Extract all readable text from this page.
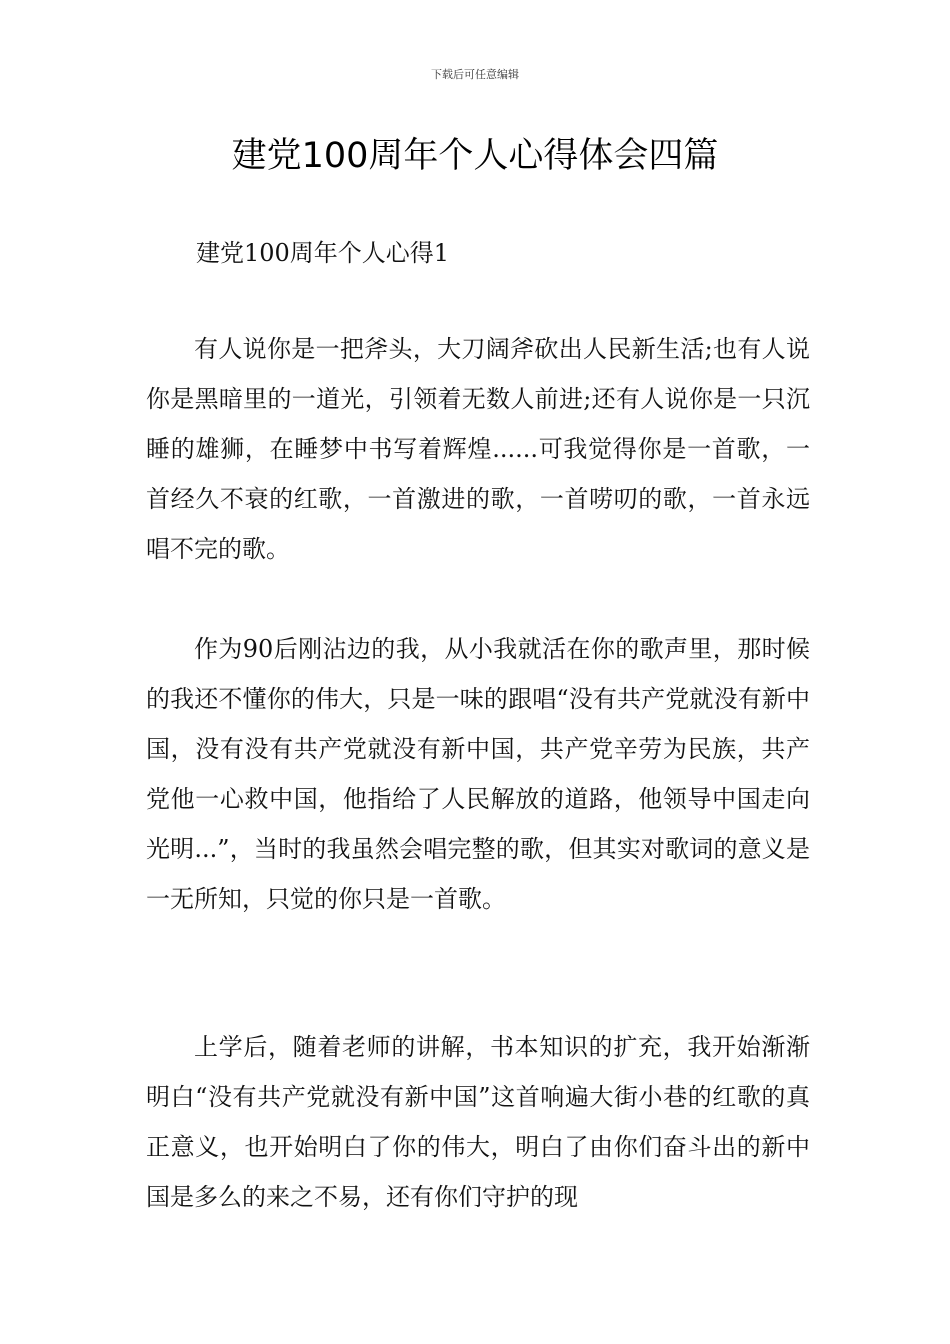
下载后可任意编辑
建党100周年个人心得体会四篇
建党100周年个人心得1

有人说你是一把斧头，大刀阔斧砍出人民新生活;也有人说你是黑暗里的一道光，引领着无数人前进;还有人说你是一只沉睡的雄狮，在睡梦中书写着辉煌......可我觉得你是一首歌，一首经久不衰的红歌，一首激进的歌，一首唠叨的歌，一首永远唱不完的歌。

作为90后刚沾边的我，从小我就活在你的歌声里，那时候的我还不懂你的伟大，只是一味的跟唱“没有共产党就没有新中国，没有没有共产党就没有新中国，共产党辛劳为民族，共产党他一心救中国，他指给了人民解放的道路，他领导中国走向光明...”，当时的我虽然会唱完整的歌，但其实对歌词的意义是一无所知，只觉的你只是一首歌。

上学后，随着老师的讲解，书本知识的扩充，我开始渐渐明白“没有共产党就没有新中国”这首响遍大街小巷的红歌的真正意义，也开始明白了你的伟大，明白了由你们奋斗出的新中国是多么的来之不易，还有你们守护的现
